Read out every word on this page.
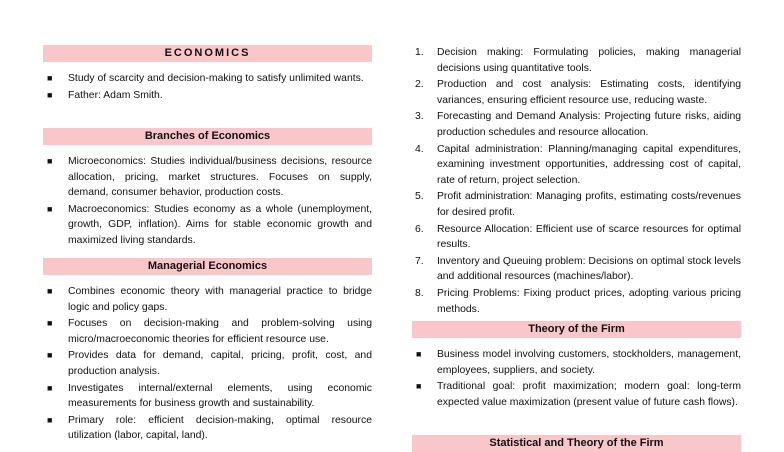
ECONOMICS
■ Study of scarcity and decision-making to satisfy unlimited wants.
■ Father: Adam Smith.
Branches of Economics
■ Microeconomics: Studies individual/business decisions, resource allocation, pricing, market structures. Focuses on supply, demand, consumer behavior, production costs.
■ Macroeconomics: Studies economy as a whole (unemployment, growth, GDP, inflation). Aims for stable economic growth and maximized living standards.
Managerial Economics
■ Combines economic theory with managerial practice to bridge logic and policy gaps.
■ Focuses on decision-making and problem-solving using micro/macroeconomic theories for efficient resource use.
■ Provides data for demand, capital, pricing, profit, cost, and production analysis.
■ Investigates internal/external elements, using economic measurements for business growth and sustainability.
■ Primary role: efficient decision-making, optimal resource utilization (labor, capital, land).
1. Decision making: Formulating policies, making managerial decisions using quantitative tools.
2. Production and cost analysis: Estimating costs, identifying variances, ensuring efficient resource use, reducing waste.
3. Forecasting and Demand Analysis: Projecting future risks, aiding production schedules and resource allocation.
4. Capital administration: Planning/managing capital expenditures, examining investment opportunities, addressing cost of capital, rate of return, project selection.
5. Profit administration: Managing profits, estimating costs/revenues for desired profit.
6. Resource Allocation: Efficient use of scarce resources for optimal results.
7. Inventory and Queuing problem: Decisions on optimal stock levels and additional resources (machines/labor).
8. Pricing Problems: Fixing product prices, adopting various pricing methods.
Theory of the Firm
■ Business model involving customers, stockholders, management, employees, suppliers, and society.
■ Traditional goal: profit maximization; modern goal: long-term expected value maximization (present value of future cash flows).
Statistical and Theory of the Firm
